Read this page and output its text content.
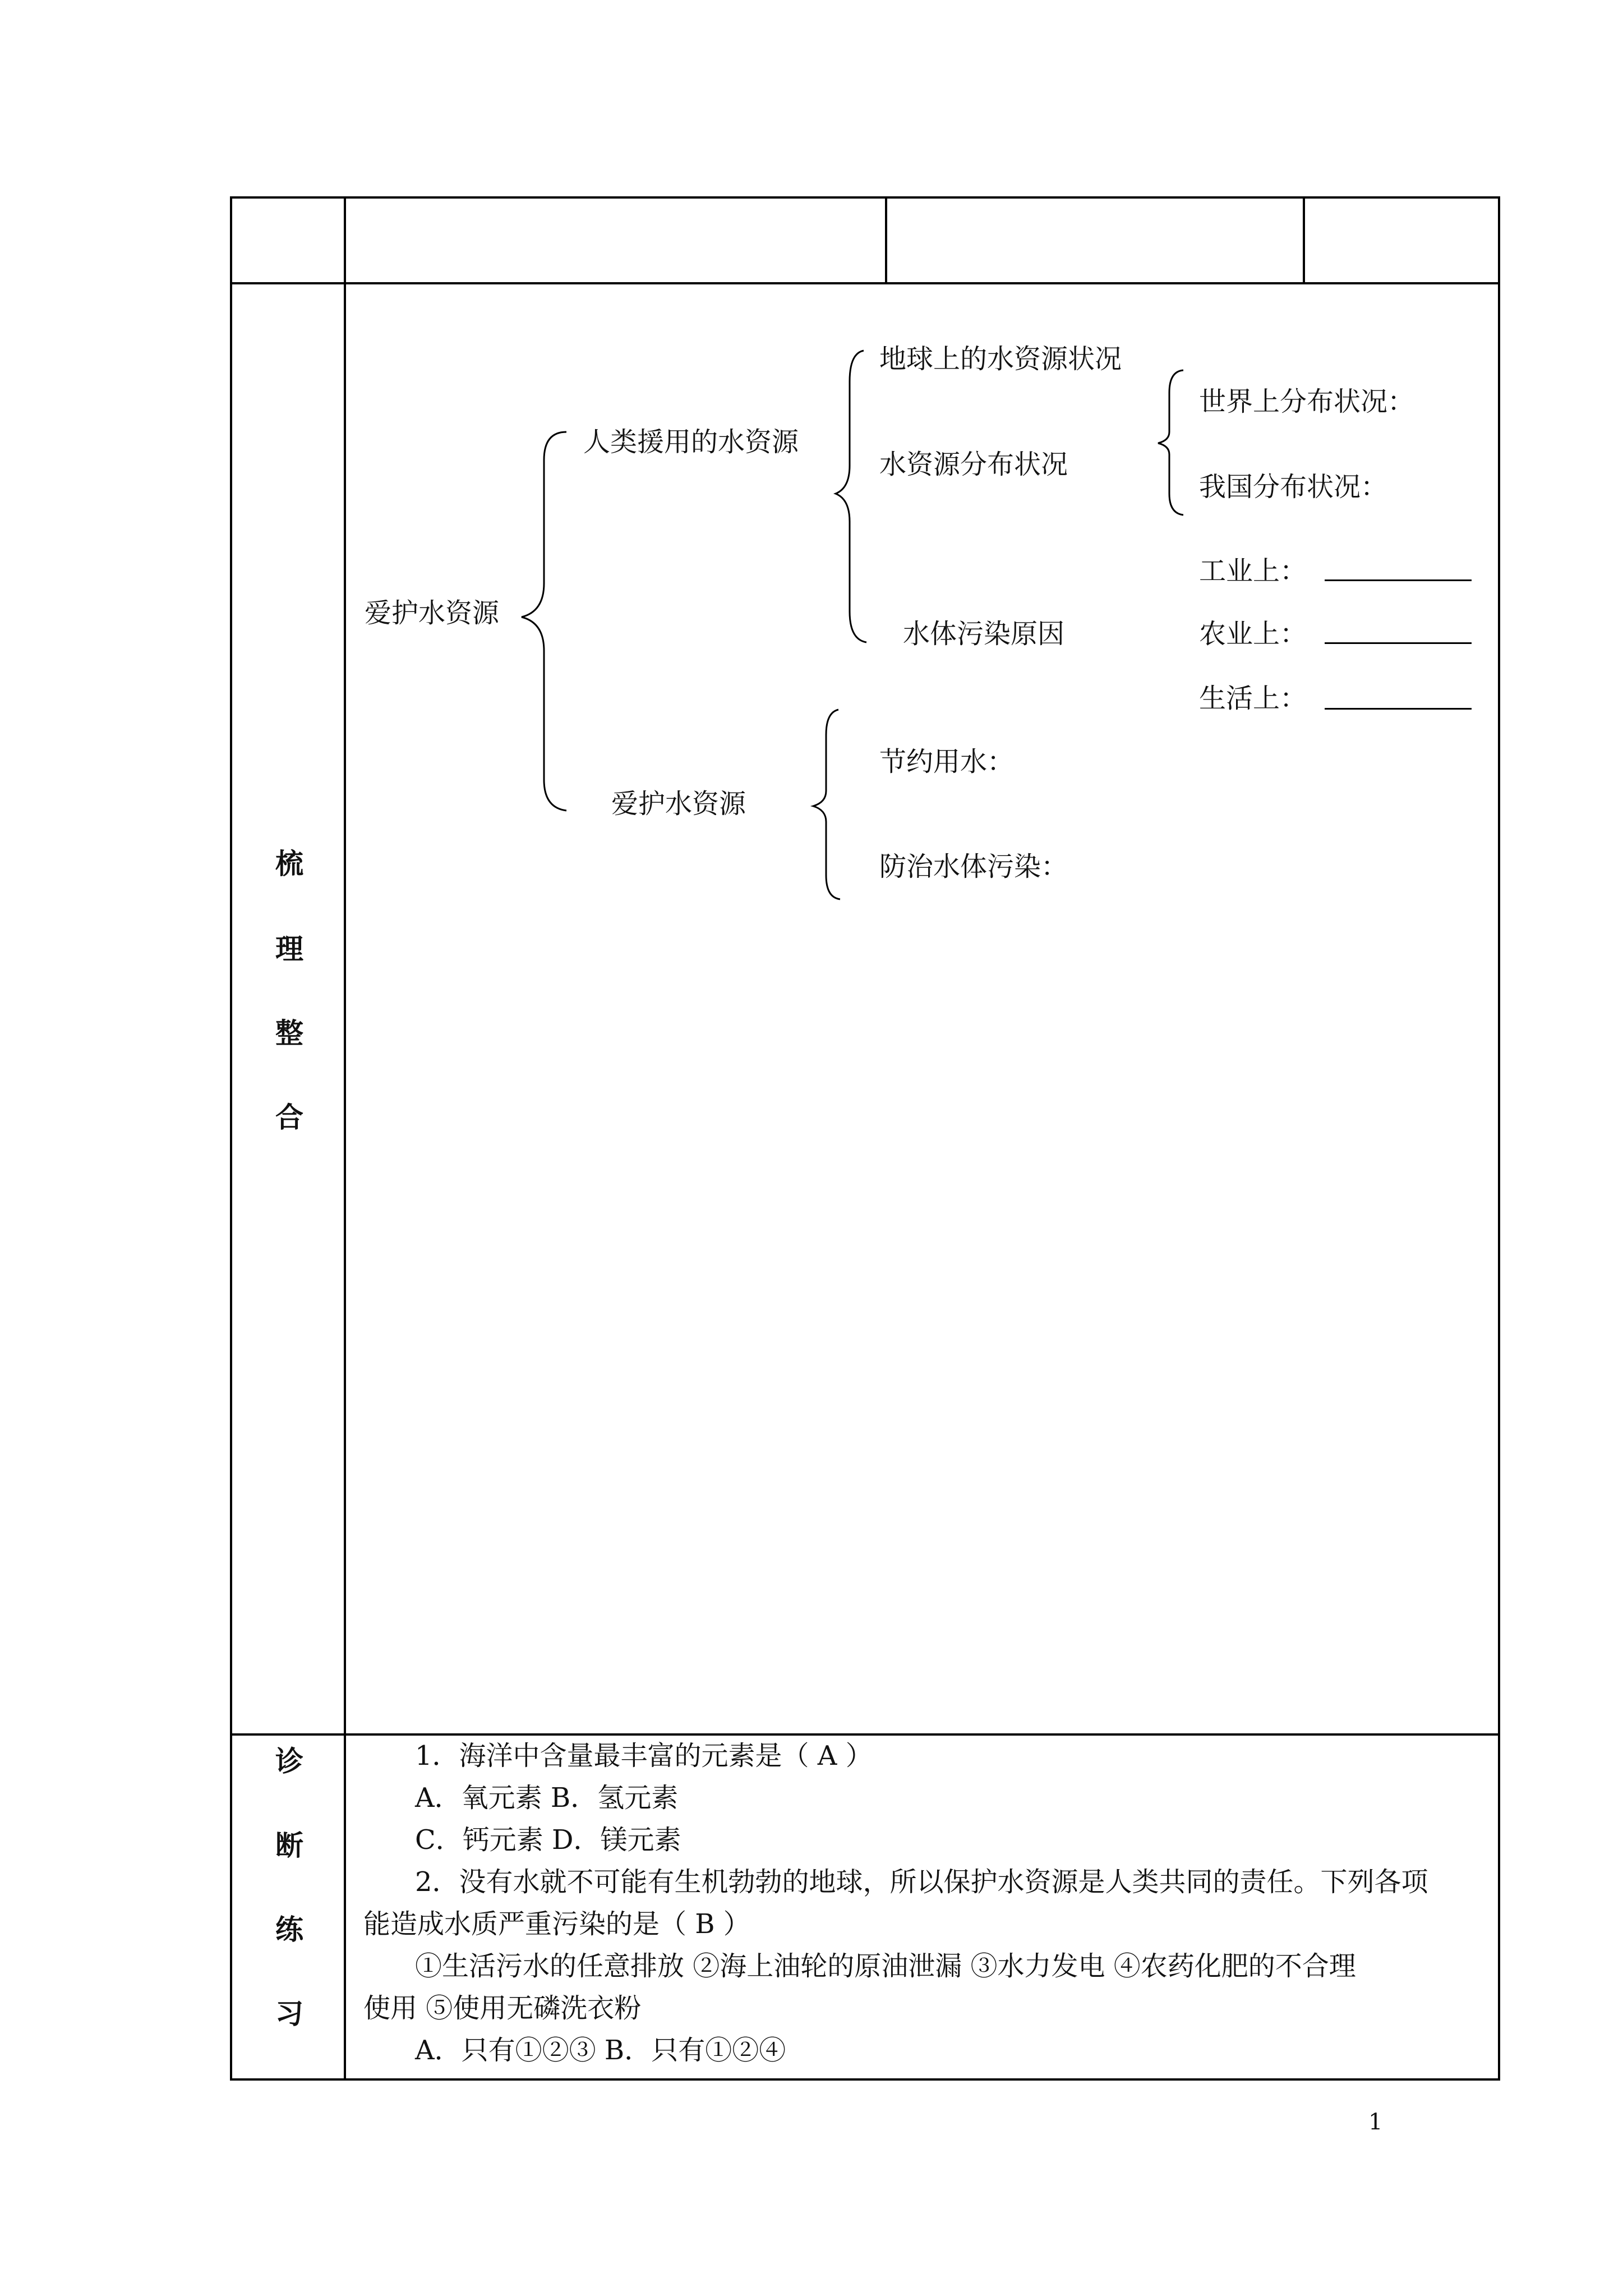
梳
理
整
合
诊
断
练
习
爱护水资源
人类援用的水资源
地球上的水资源状况
水资源分布状况
世界上分布状况：
我国分布状况：
水体污染原因
工业上：
农业上：
生活上：
爱护水资源
节约用水：
防治水体污染：
1．海洋中含量最丰富的元素是（ A ）
A．氧元素 B．氢元素
C．钙元素 D．镁元素
2．没有水就不可能有生机勃勃的地球，所以保护水资源是人类共同的责任。下列各项
能造成水质严重污染的是（ B ）
①生活污水的任意排放 ②海上油轮的原油泄漏 ③水力发电 ④农药化肥的不合理
使用 ⑤使用无磷洗衣粉
A．只有①②③ B．只有①②④
1
